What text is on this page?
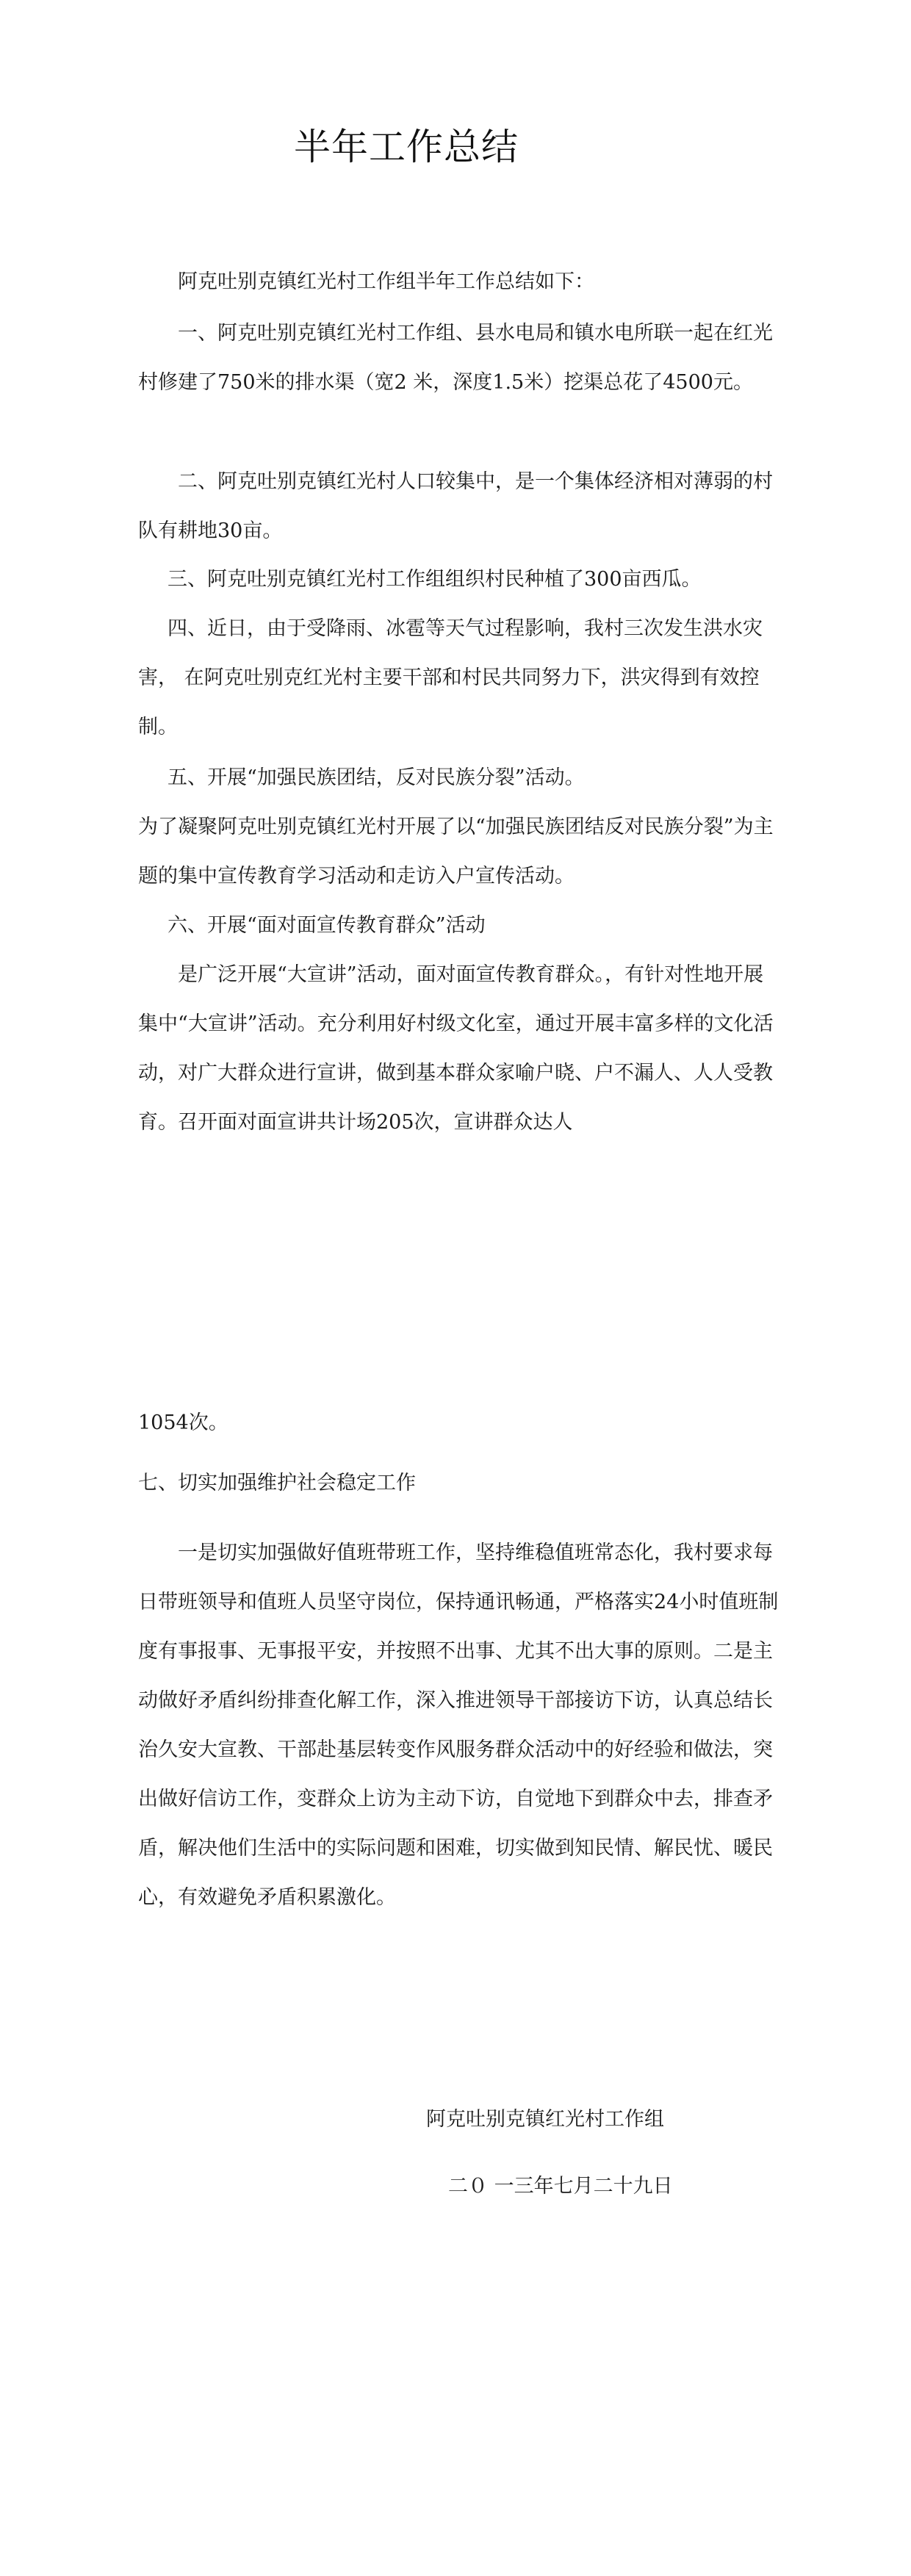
半年工作总结

阿克吐别克镇红光村工作组半年工作总结如下：

一、阿克吐别克镇红光村工作组、县水电局和镇水电所联一起在红光村修建了750米的排水渠（宽2 米，深度1.5米）挖渠总花了4500元。

二、阿克吐别克镇红光村人口较集中，是一个集体经济相对薄弱的村队有耕地30亩。

三、阿克吐别克镇红光村工作组组织村民种植了300亩西瓜。

四、近日，由于受降雨、冰雹等天气过程影响，我村三次发生洪水灾害， 在阿克吐别克红光村主要干部和村民共同努力下，洪灾得到有效控制。

五、开展“加强民族团结，反对民族分裂”活动。

为了凝聚阿克吐别克镇红光村开展了以“加强民族团结反对民族分裂”为主题的集中宣传教育学习活动和走访入户宣传活动。

六、开展“面对面宣传教育群众”活动

是广泛开展“大宣讲”活动，面对面宣传教育群众。，有针对性地开展集中“大宣讲”活动。充分利用好村级文化室，通过开展丰富多样的文化活动，对广大群众进行宣讲，做到基本群众家喻户晓、户不漏人、人人受教育。召开面对面宣讲共计场205次，宣讲群众达人

1054次。

七、切实加强维护社会稳定工作

一是切实加强做好值班带班工作，坚持维稳值班常态化，我村要求每日带班领导和值班人员坚守岗位，保持通讯畅通，严格落实24小时值班制度有事报事、无事报平安，并按照不出事、尤其不出大事的原则。二是主动做好矛盾纠纷排查化解工作，深入推进领导干部接访下访，认真总结长治久安大宣教、干部赴基层转变作风服务群众活动中的好经验和做法，突出做好信访工作，变群众上访为主动下访，自觉地下到群众中去，排查矛盾，解决他们生活中的实际问题和困难，切实做到知民情、解民忧、暖民心，有效避免矛盾积累激化。

阿克吐别克镇红光村工作组
二０ 一三年七月二十九日
